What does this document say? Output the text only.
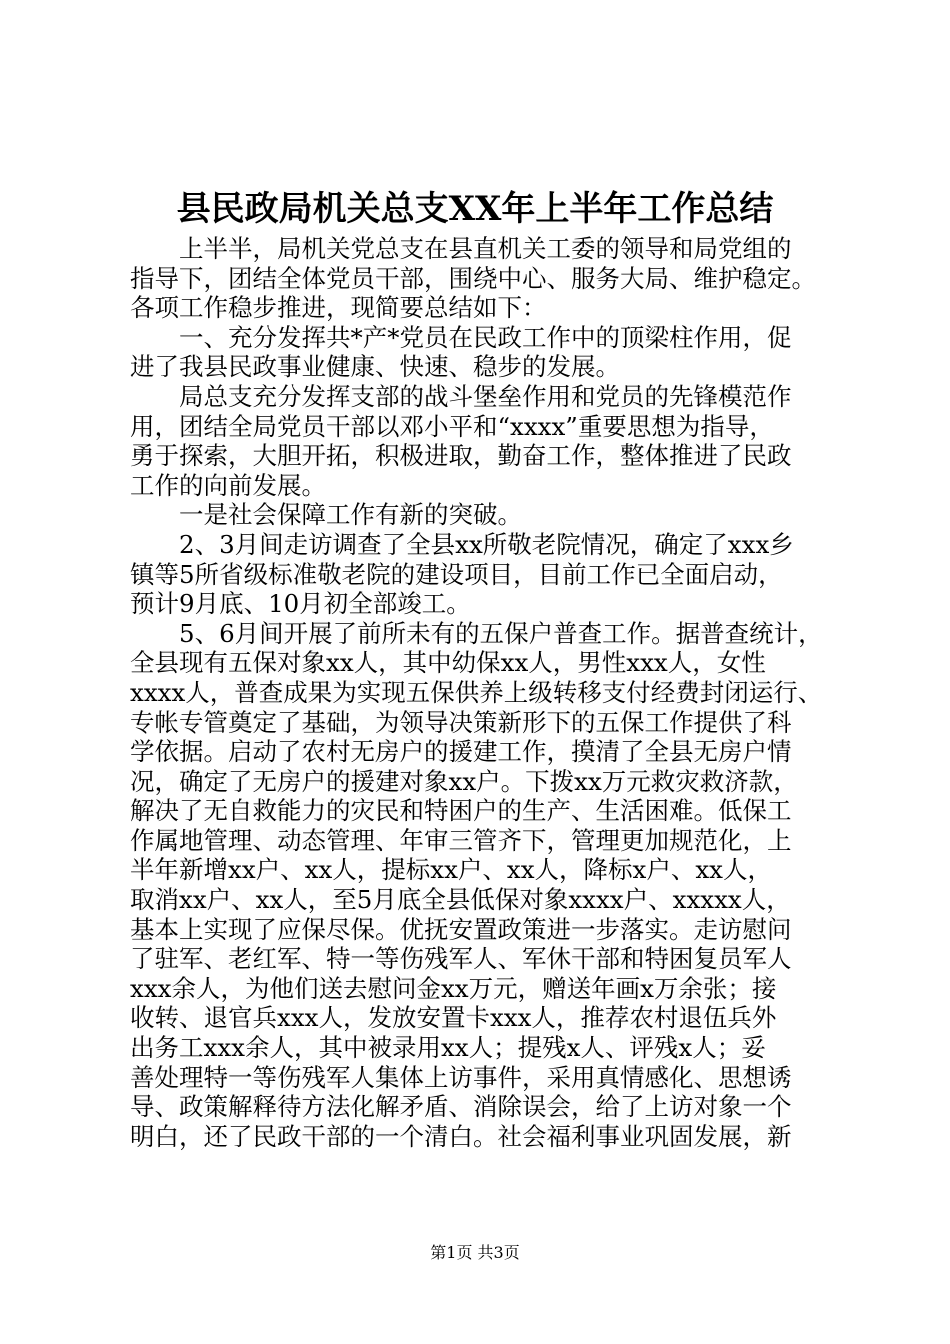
县民政局机关总支XX年上半年工作总结
上半半，局机关党总支在县直机关工委的领导和局党组的
指导下，团结全体党员干部，围绕中心、服务大局、维护稳定。
各项工作稳步推进，现简要总结如下：
一、充分发挥共*产*党员在民政工作中的顶梁柱作用，促
进了我县民政事业健康、快速、稳步的发展。
局总支充分发挥支部的战斗堡垒作用和党员的先锋模范作
用，团结全局党员干部以邓小平和“xxxx”重要思想为指导，
勇于探索，大胆开拓，积极进取，勤奋工作，整体推进了民政
工作的向前发展。
一是社会保障工作有新的突破。
2、3月间走访调查了全县xx所敬老院情况，确定了xxx乡
镇等5所省级标准敬老院的建设项目，目前工作已全面启动，
预计9月底、10月初全部竣工。
5、6月间开展了前所未有的五保户普查工作。据普查统计，
全县现有五保对象xx人，其中幼保xx人，男性xxx人，女性
xxxx人，普查成果为实现五保供养上级转移支付经费封闭运行、
专帐专管奠定了基础，为领导决策新形下的五保工作提供了科
学依据。启动了农村无房户的援建工作，摸清了全县无房户情
况，确定了无房户的援建对象xx户。下拨xx万元救灾救济款，
解决了无自救能力的灾民和特困户的生产、生活困难。低保工
作属地管理、动态管理、年审三管齐下，管理更加规范化，上
半年新增xx户、xx人，提标xx户、xx人，降标x户、xx人，
取消xx户、xx人，至5月底全县低保对象xxxx户、xxxxx人，
基本上实现了应保尽保。优抚安置政策进一步落实。走访慰问
了驻军、老红军、特一等伤残军人、军休干部和特困复员军人
xxx余人，为他们送去慰问金xx万元，赠送年画x万余张；接
收转、退官兵xxx人，发放安置卡xxx人，推荐农村退伍兵外
出务工xxx余人，其中被录用xx人；提残x人、评残x人；妥
善处理特一等伤残军人集体上访事件，采用真情感化、思想诱
导、政策解释待方法化解矛盾、消除误会，给了上访对象一个
明白，还了民政干部的一个清白。社会福利事业巩固发展，新
第1页 共3页
